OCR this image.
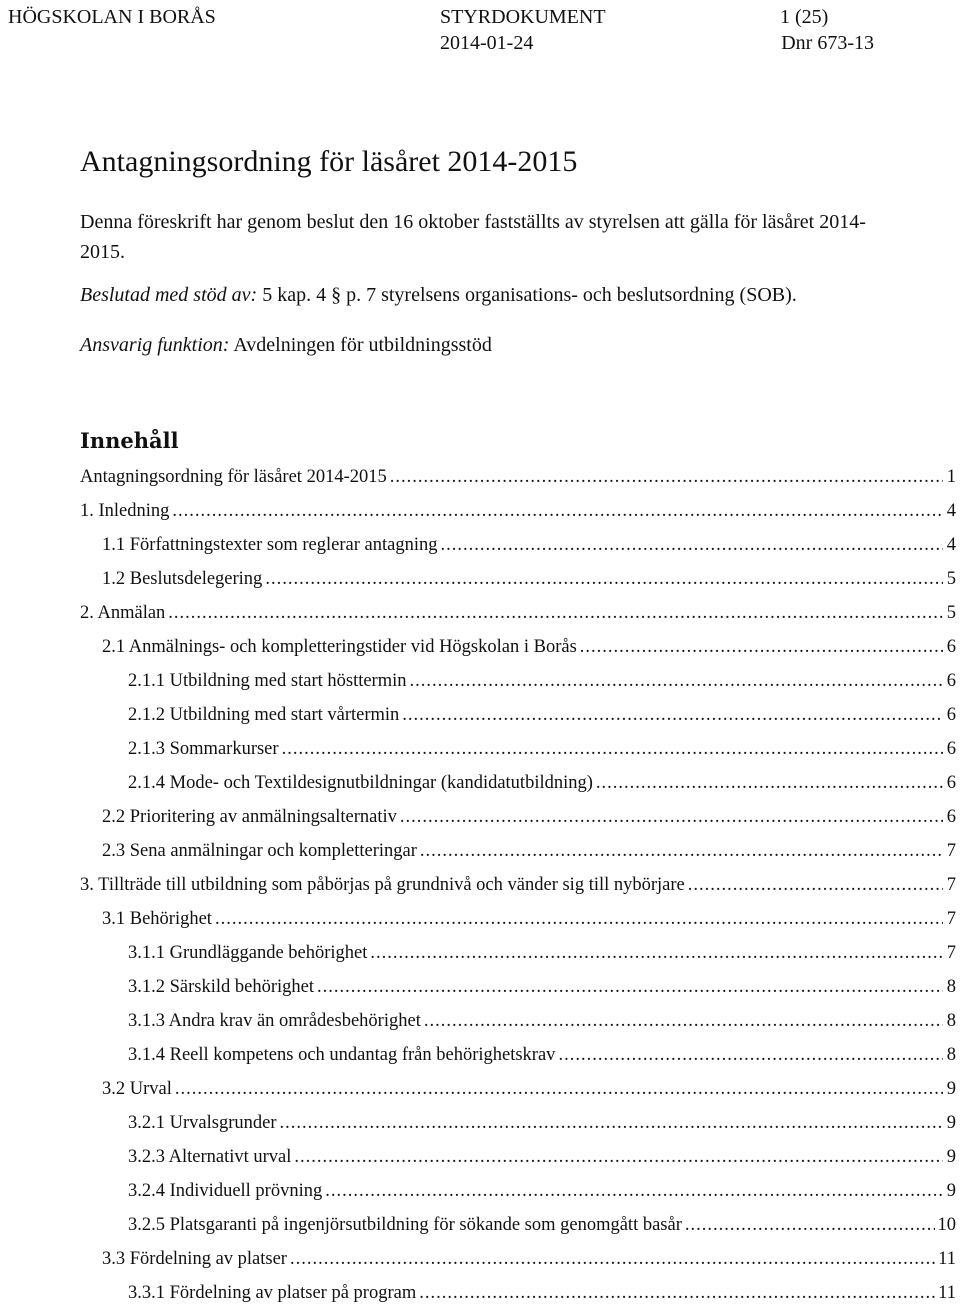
HÖGSKOLAN I BORÅS	STYRDOKUMENT	1 (25)
2014-01-24	Dnr 673-13
Antagningsordning för läsåret 2014-2015
Denna föreskrift har genom beslut den 16 oktober fastställts av styrelsen att gälla för läsåret 2014-2015.
Beslutad med stöd av: 5 kap. 4 § p. 7 styrelsens organisations- och beslutsordning (SOB).
Ansvarig funktion: Avdelningen för utbildningsstöd
Innehåll
Antagningsordning för läsåret 2014-2015 .....	1
1. Inledning .....	4
1.1 Författningstexter som reglerar antagning .....	4
1.2 Beslutsdelegering .....	5
2. Anmälan .....	5
2.1 Anmälnings- och kompletteringstider vid Högskolan i Borås .....	6
2.1.1 Utbildning med start hösttermin .....	6
2.1.2 Utbildning med start vårtermin .....	6
2.1.3 Sommarkurser .....	6
2.1.4 Mode- och Textildesignutbildningar (kandidatutbildning) .....	6
2.2 Prioritering av anmälningsalternativ .....	6
2.3 Sena anmälningar och kompletteringar .....	7
3. Tillträde till utbildning som påbörjas på grundnivå och vänder sig till nybörjare .....	7
3.1 Behörighet .....	7
3.1.1 Grundläggande behörighet .....	7
3.1.2 Särskild behörighet .....	8
3.1.3 Andra krav än områdesbehörighet .....	8
3.1.4 Reell kompetens och undantag från behörighetskrav .....	8
3.2 Urval .....	9
3.2.1 Urvalsgrunder .....	9
3.2.3 Alternativt urval .....	9
3.2.4 Individuell prövning .....	9
3.2.5 Platsgaranti på ingenjörsutbildning för sökande som genomgått basår .....	10
3.3 Fördelning av platser .....	11
3.3.1 Fördelning av platser på program .....	11
